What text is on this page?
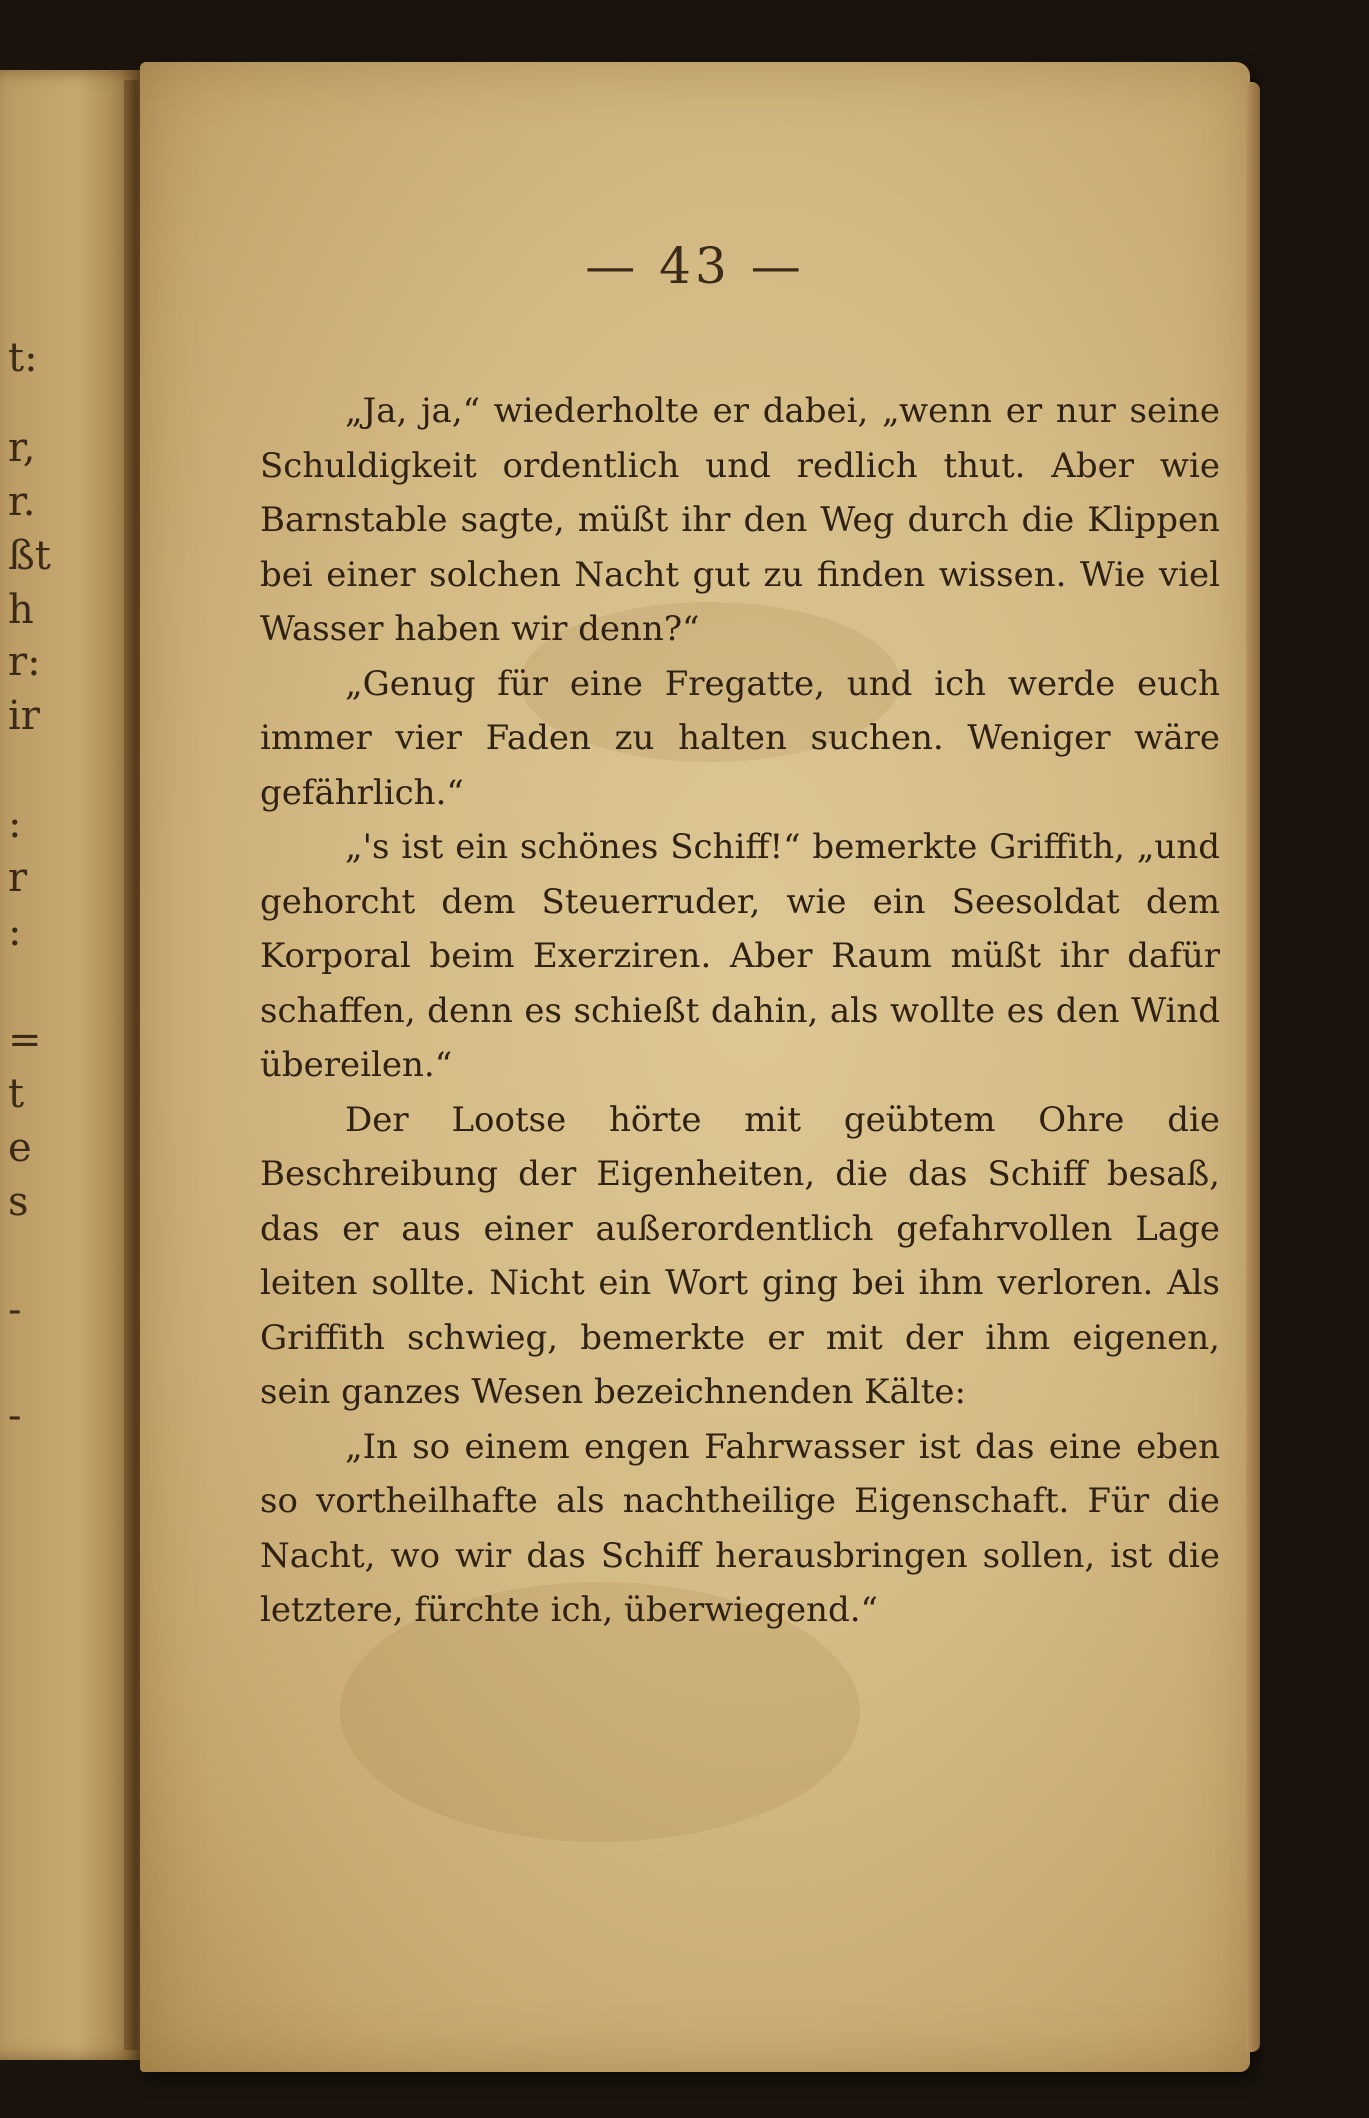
t:
r,
r.
ßt
h
r:
ir
:
r
:
=
t
e
s
-
-
— 43 —

„Ja, ja,“ wiederholte er dabei, „wenn er nur seine Schuldigkeit ordentlich und redlich thut. Aber wie Barnstable sagte, müßt ihr den Weg durch die Klippen bei einer solchen Nacht gut zu finden wissen. Wie viel Wasser haben wir denn?“

„Genug für eine Fregatte, und ich werde euch immer vier Faden zu halten suchen. Weniger wäre gefährlich.“

„'s ist ein schönes Schiff!“ bemerkte Griffith, „und gehorcht dem Steuerruder, wie ein Seesoldat dem Korporal beim Exerziren. Aber Raum müßt ihr dafür schaffen, denn es schießt dahin, als wollte es den Wind übereilen.“

Der Lootse hörte mit geübtem Ohre die Beschreibung der Eigenheiten, die das Schiff besaß, das er aus einer außerordentlich gefahrvollen Lage leiten sollte. Nicht ein Wort ging bei ihm verloren. Als Griffith schwieg, bemerkte er mit der ihm eigenen, sein ganzes Wesen bezeichnenden Kälte:

„In so einem engen Fahrwasser ist das eine eben so vortheilhafte als nachtheilige Eigenschaft. Für die Nacht, wo wir das Schiff herausbringen sollen, ist die letztere, fürchte ich, überwiegend.“
